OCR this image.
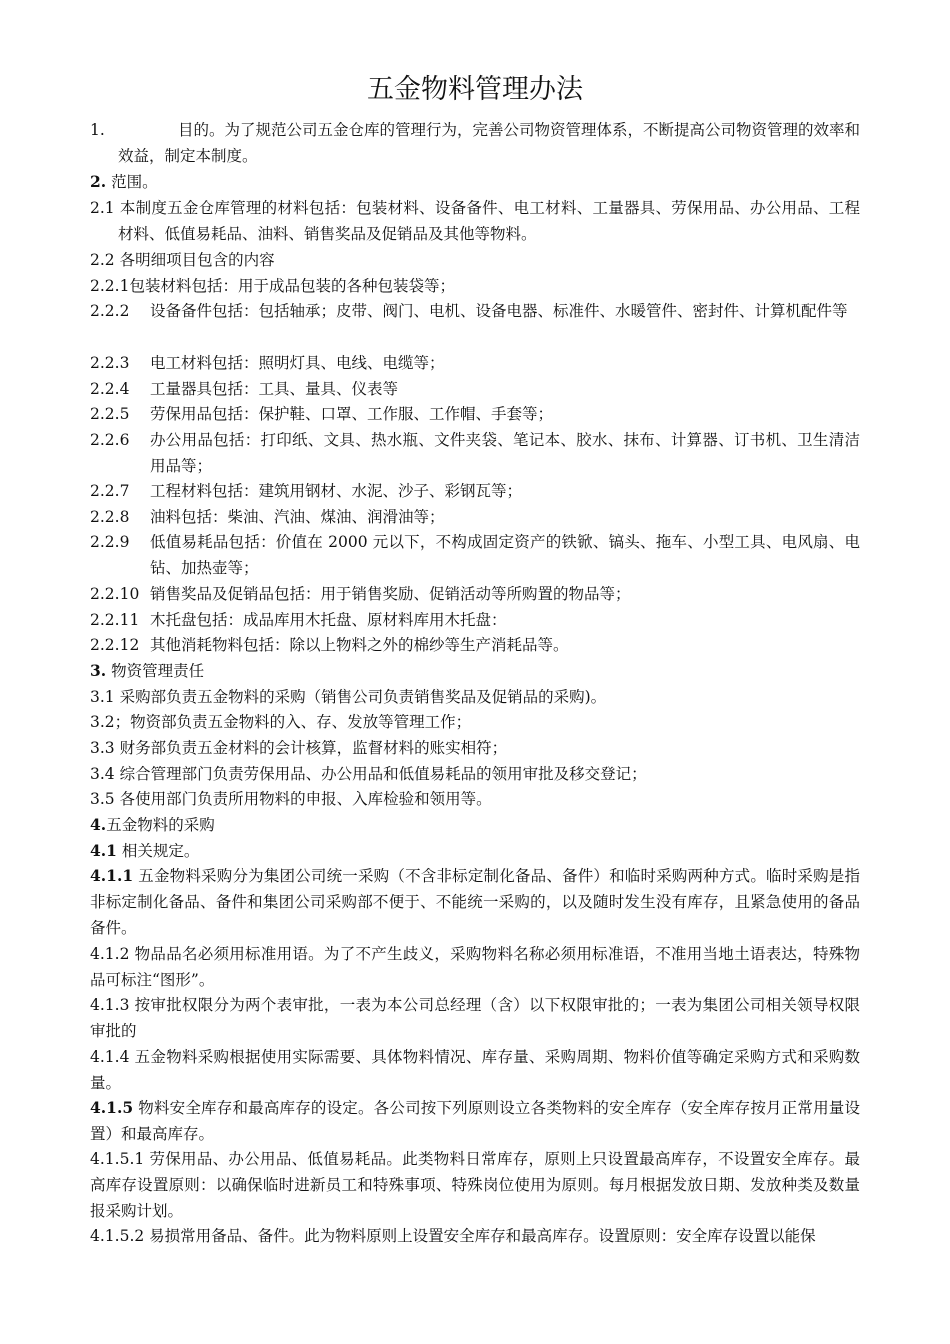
五金物料管理办法
1.	目的。为了规范公司五金仓库的管理行为，完善公司物资管理体系，不断提高公司物资管理的效率和效益，制定本制度。
2. 范围。
2.1 本制度五金仓库管理的材料包括：包装材料、设备备件、电工材料、工量器具、劳保用品、办公用品、工程材料、低值易耗品、油料、销售奖品及促销品及其他等物料。
2.2 各明细项目包含的内容
2.2.1包装材料包括：用于成品包装的各种包装袋等；
2.2.2	设备备件包括：包括轴承；皮带、阀门、电机、设备电器、标准件、水暖管件、密封件、计算机配件等
2.2.3	电工材料包括：照明灯具、电线、电缆等；
2.2.4	工量器具包括：工具、量具、仪表等
2.2.5	劳保用品包括：保护鞋、口罩、工作服、工作帽、手套等；
2.2.6	办公用品包括：打印纸、文具、热水瓶、文件夹袋、笔记本、胶水、抹布、计算器、订书机、卫生清洁用品等；
2.2.7	工程材料包括：建筑用钢材、水泥、沙子、彩钢瓦等；
2.2.8	油料包括：柴油、汽油、煤油、润滑油等；
2.2.9	低值易耗品包括：价值在 2000 元以下，不构成固定资产的铁锨、镐头、拖车、小型工具、电风扇、电钻、加热壶等；
2.2.10 销售奖品及促销品包括：用于销售奖励、促销活动等所购置的物品等；
2.2.11 木托盘包括：成品库用木托盘、原材料库用木托盘：
2.2.12 其他消耗物料包括：除以上物料之外的棉纱等生产消耗品等。
3. 物资管理责任
3.1 采购部负责五金物料的采购（销售公司负责销售奖品及促销品的采购)。
3.2；物资部负责五金物料的入、存、发放等管理工作；
3.3 财务部负责五金材料的会计核算，监督材料的账实相符；
3.4 综合管理部门负责劳保用品、办公用品和低值易耗品的领用审批及移交登记；
3.5 各使用部门负责所用物料的申报、入库检验和领用等。
4.五金物料的采购
4.1 相关规定。
4.1.1 五金物料采购分为集团公司统一采购（不含非标定制化备品、备件）和临时采购两种方式。临时采购是指非标定制化备品、备件和集团公司采购部不便于、不能统一采购的，以及随时发生没有库存，且紧急使用的备品备件。
4.1.2 物品品名必须用标准用语。为了不产生歧义，采购物料名称必须用标准语，不准用当地土语表达，特殊物品可标注“图形”。
4.1.3 按审批权限分为两个表审批，一表为本公司总经理（含）以下权限审批的；一表为集团公司相关领导权限审批的
4.1.4 五金物料采购根据使用实际需要、具体物料情况、库存量、采购周期、物料价值等确定采购方式和采购数量。
4.1.5 物料安全库存和最高库存的设定。各公司按下列原则设立各类物料的安全库存（安全库存按月正常用量设置）和最高库存。
4.1.5.1 劳保用品、办公用品、低值易耗品。此类物料日常库存，原则上只设置最高库存，不设置安全库存。最高库存设置原则：以确保临时进新员工和特殊事项、特殊岗位使用为原则。每月根据发放日期、发放种类及数量报采购计划。
4.1.5.2 易损常用备品、备件。此为物料原则上设置安全库存和最高库存。设置原则：安全库存设置以能保
